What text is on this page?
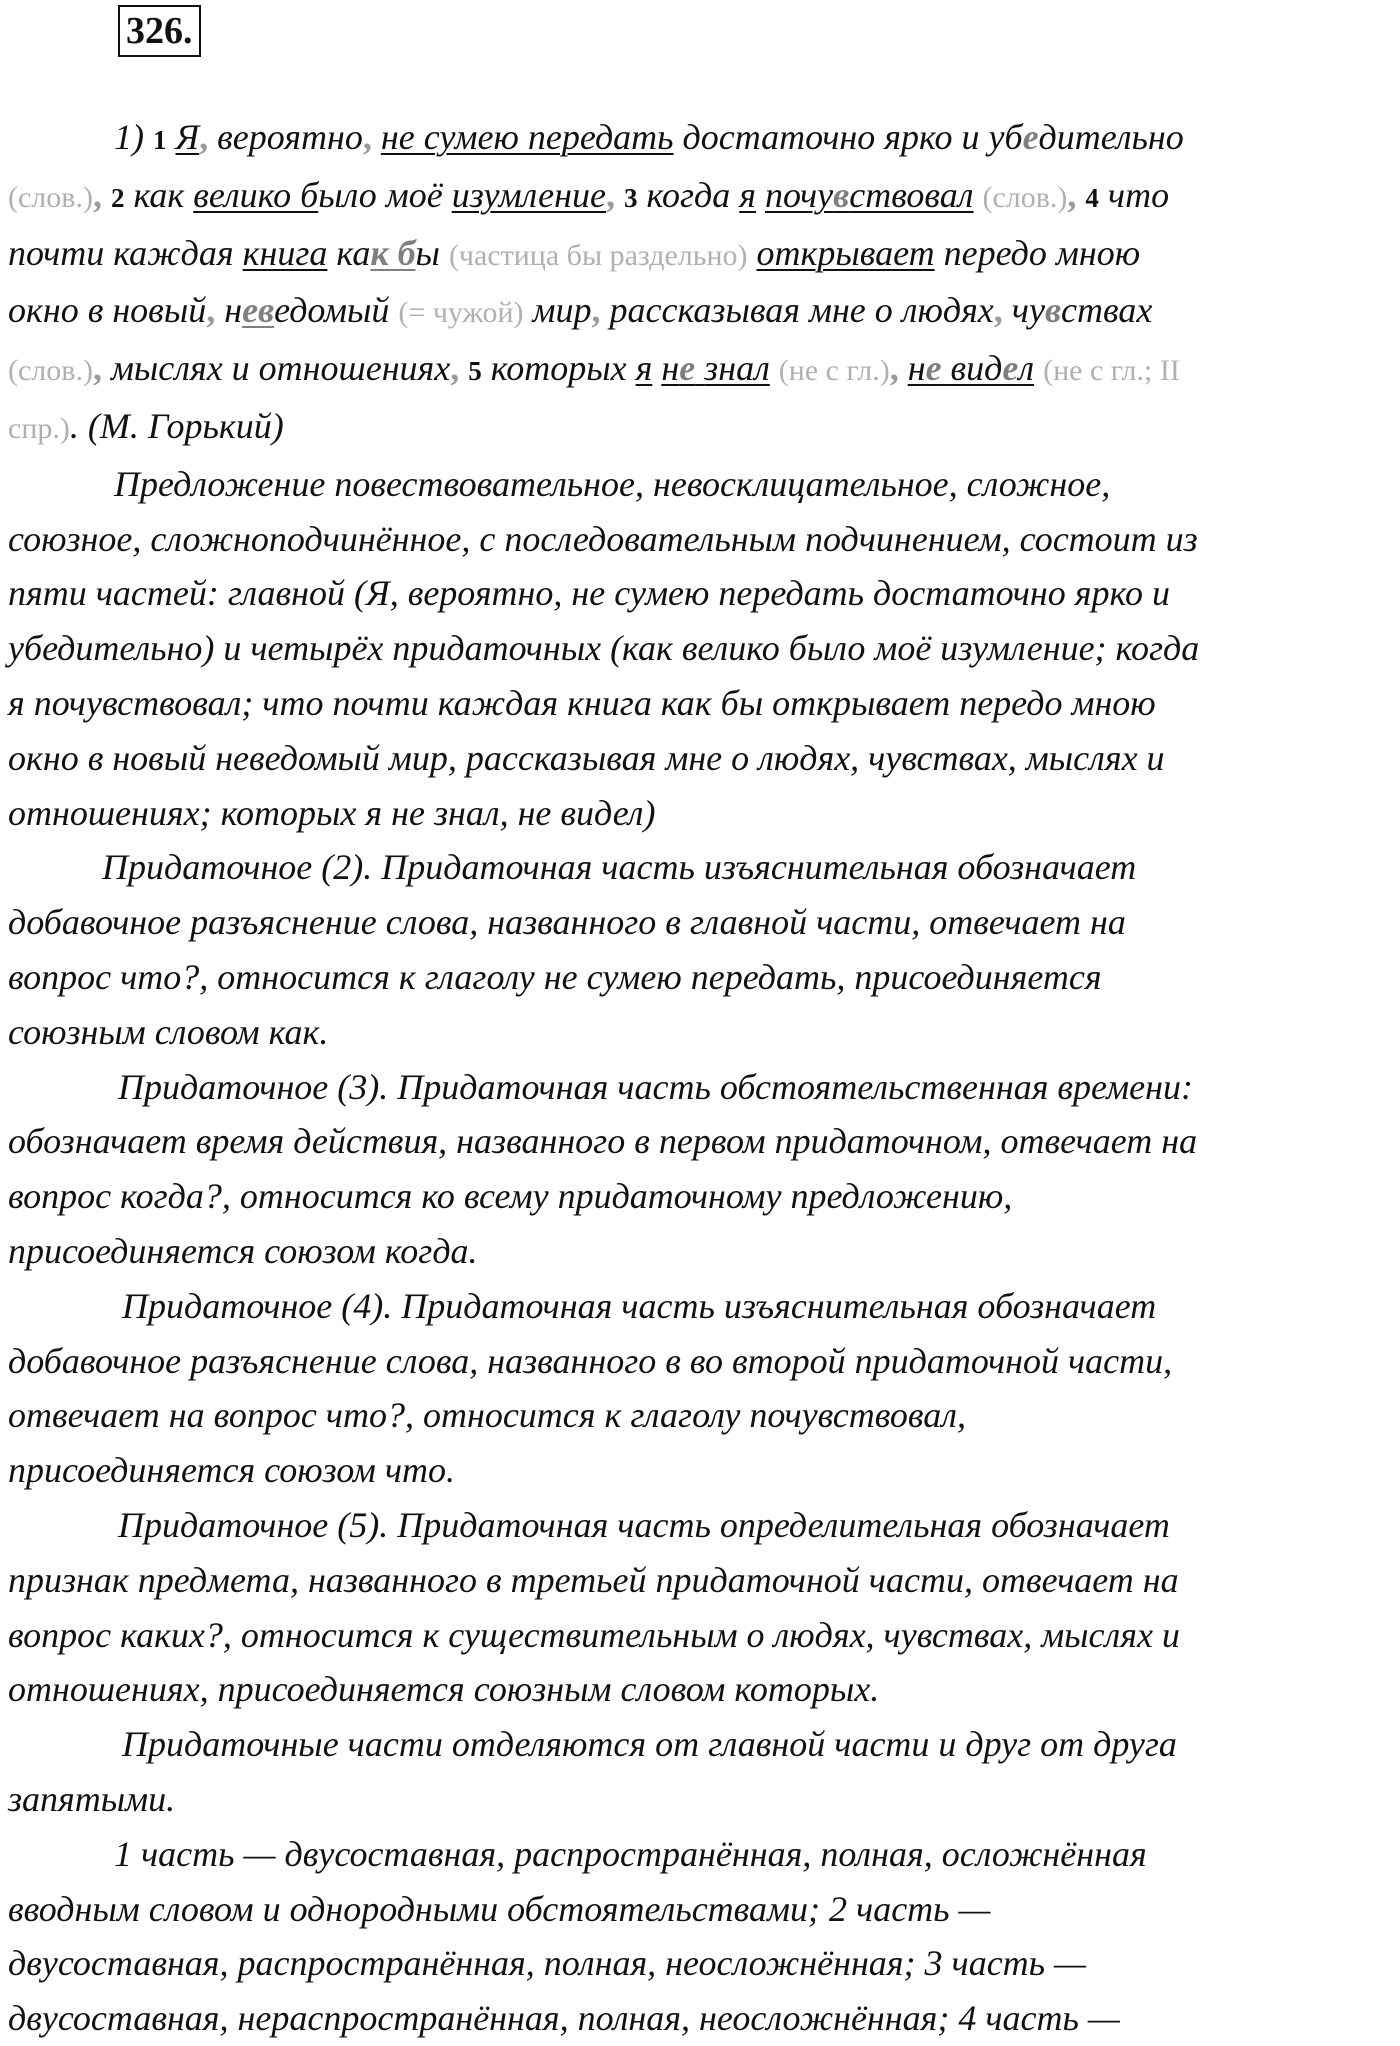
326.

1) 1 Я, вероятно, не сумею передать достаточно ярко и убедительно

(слов.), 2 как велико было моё изумление, 3 когда я почувствовал (слов.), 4 что

почти каждая книга как бы (частица бы раздельно) открывает передо мною

окно в новый, неведомый (= чужой) мир, рассказывая мне о людях, чувствах

(слов.), мыслях и отношениях, 5 которых я не знал (не с гл.), не видел (не с гл.; II

спр.). (М. Горький)

Предложение повествовательное, невосклицательное, сложное,

союзное, сложноподчинённое, с последовательным подчинением, состоит из

пяти частей: главной (Я, вероятно, не сумею передать достаточно ярко и

убедительно) и четырёх придаточных (как велико было моё изумление; когда

я почувствовал; что почти каждая книга как бы открывает передо мною

окно в новый неведомый мир, рассказывая мне о людях, чувствах, мыслях и

отношениях; которых я не знал, не видел)

Придаточное (2). Придаточная часть изъяснительная обозначает

добавочное разъяснение слова, названного в главной части, отвечает на

вопрос что?, относится к глаголу не сумею передать, присоединяется

союзным словом как.

Придаточное (3). Придаточная часть обстоятельственная времени:

обозначает время действия, названного в первом придаточном, отвечает на

вопрос когда?, относится ко всему придаточному предложению,

присоединяется союзом когда.

Придаточное (4). Придаточная часть изъяснительная обозначает

добавочное разъяснение слова, названного в во второй придаточной части,

отвечает на вопрос что?, относится к глаголу почувствовал,

присоединяется союзом что.

Придаточное (5). Придаточная часть определительная обозначает

признак предмета, названного в третьей придаточной части, отвечает на

вопрос каких?, относится к существительным о людях, чувствах, мыслях и

отношениях, присоединяется союзным словом которых.

Придаточные части отделяются от главной части и друг от друга

запятыми.

1 часть — двусоставная, распространённая, полная, осложнённая

вводным словом и однородными обстоятельствами; 2 часть —

двусоставная, распространённая, полная, неосложнённая; 3 часть —

двусоставная, нераспространённая, полная, неосложнённая; 4 часть —
